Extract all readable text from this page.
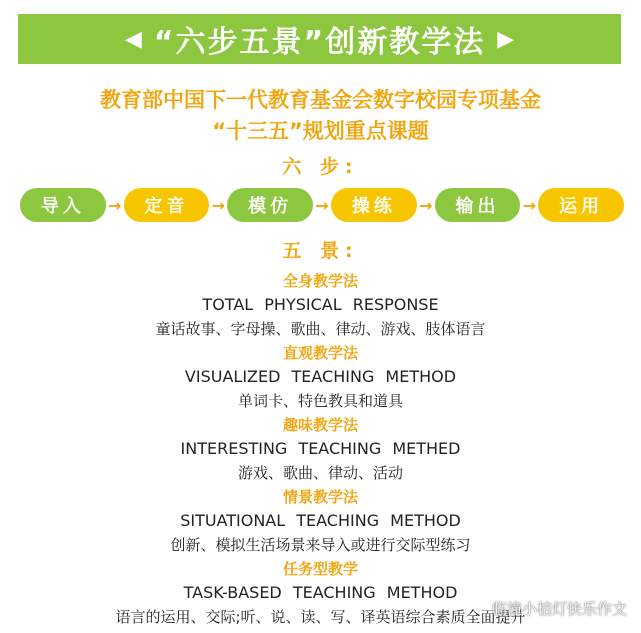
◀ “六步五景”创新教学法 ▶
教育部中国下一代教育基金会数字校园专项基金
“十三五”规划重点课题
六 步:
导入	→	定音	→	模仿	→	操练	→	输出	→	运用
五 景:
全身教学法
TOTAL PHYSICAL RESPONSE
童话故事、字母操、歌曲、律动、游戏、肢体语言
直观教学法
VISUALIZED TEACHING METHOD
单词卡、特色教具和道具
趣味教学法
INTERESTING TEACHING METHED
游戏、歌曲、律动、活动
情景教学法
SITUATIONAL TEACHING METHOD
创新、模拟生活场景来导入或进行交际型练习
任务型教学
TASK-BASED TEACHING METHOD
语言的运用、交际;听、说、读、写、译英语综合素质全面提升
临潼小桔灯快乐作文
